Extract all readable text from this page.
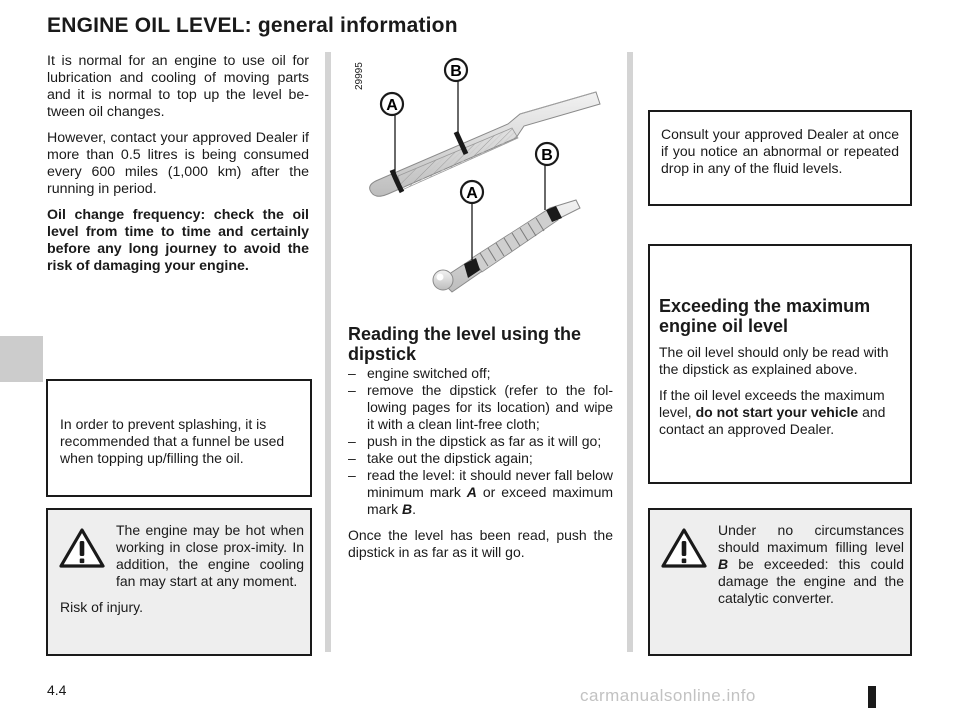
ENGINE OIL LEVEL: general information

It is normal for an engine to use oil for lubrication and cooling of moving parts and it is normal to top up the level be-tween oil changes.

However, contact your approved Dealer if more than 0.5 litres is being consumed every 600 miles (1,000 km) after the running in period.

Oil change frequency: check the oil level from time to time and certainly before any long journey to avoid the risk of damaging your engine.

In order to prevent splashing, it is recommended that a funnel be used when topping up/filling the oil.

The engine may be hot when working in close prox-imity. In addition, the engine cooling fan may start at any moment.

Risk of injury.

29995	B
A
B
A

Reading the level using the dipstick

– engine switched off;
– remove the dipstick (refer to the fol-lowing pages for its location) and wipe it with a clean lint-free cloth;
– push in the dipstick as far as it will go;
– take out the dipstick again;
– read the level: it should never fall below minimum mark A or exceed maximum mark B.

Once the level has been read, push the dipstick in as far as it will go.

Consult your approved Dealer at once if you notice an abnormal or repeated drop in any of the fluid levels.

Exceeding the maximum engine oil level

The oil level should only be read with the dipstick as explained above.

If the oil level exceeds the maximum level, do not start your vehicle and contact an approved Dealer.

Under no circumstances should maximum filling level B be exceeded: this could damage the engine and the catalytic converter.

4.4	carmanualsonline.info
